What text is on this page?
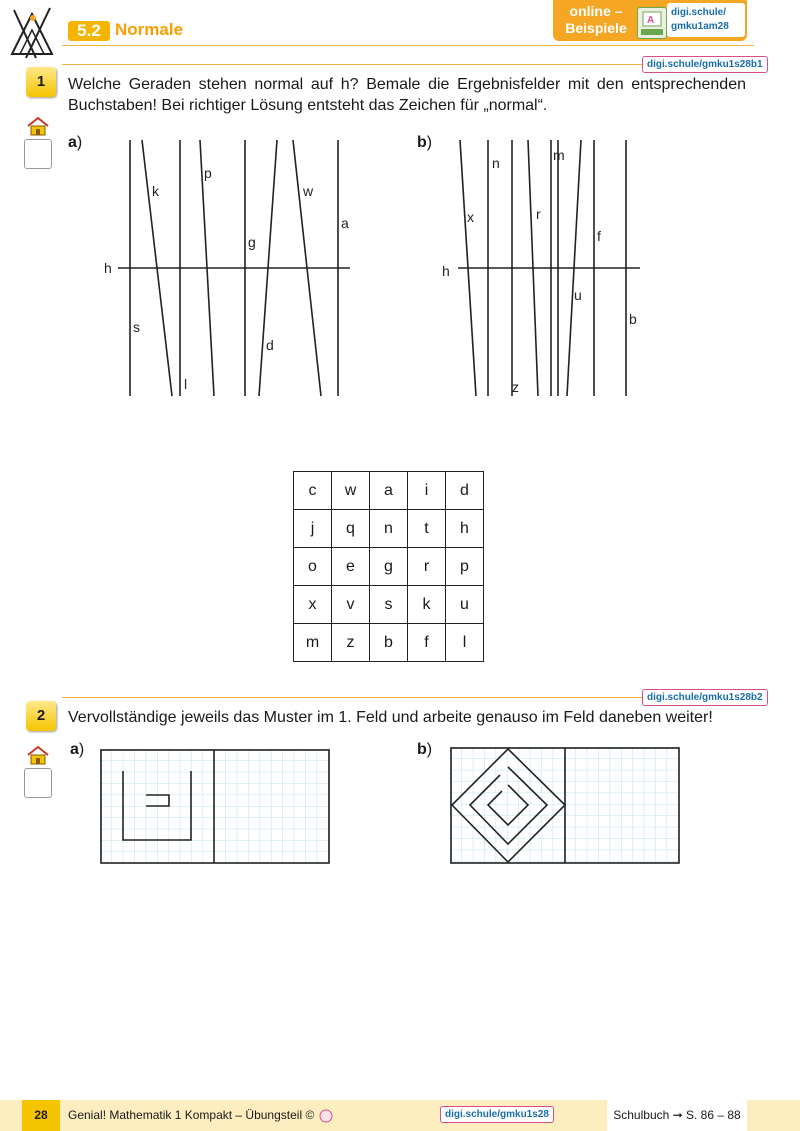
5.2 Normale
online –
Beispiele	A
digi.schule/
gmku1am28
digi.schule/gmku1s28b1
1	Welche Geraden stehen normal auf h? Bemale die Ergebnisfelder mit den entsprechenden Buchstaben! Bei richtiger Lösung entsteht das Zeichen für „normal“.
a)	b)
h
k
p
w
a
g
s
d
l
h
n	m
x	r
f
u
b
z
c	w	a	i	d
j	q	n	t	h
o	e	g	r	p
x	v	s	k	u
m	z	b	f	l
digi.schule/gmku1s28b2
2	Vervollständige jeweils das Muster im 1. Feld und arbeite genauso im Feld daneben weiter!
a)	b)
28	Genial! Mathematik 1 Kompakt – Übungsteil ©	digi.schule/gmku1s28	Schulbuch ➞ S. 86 – 88
